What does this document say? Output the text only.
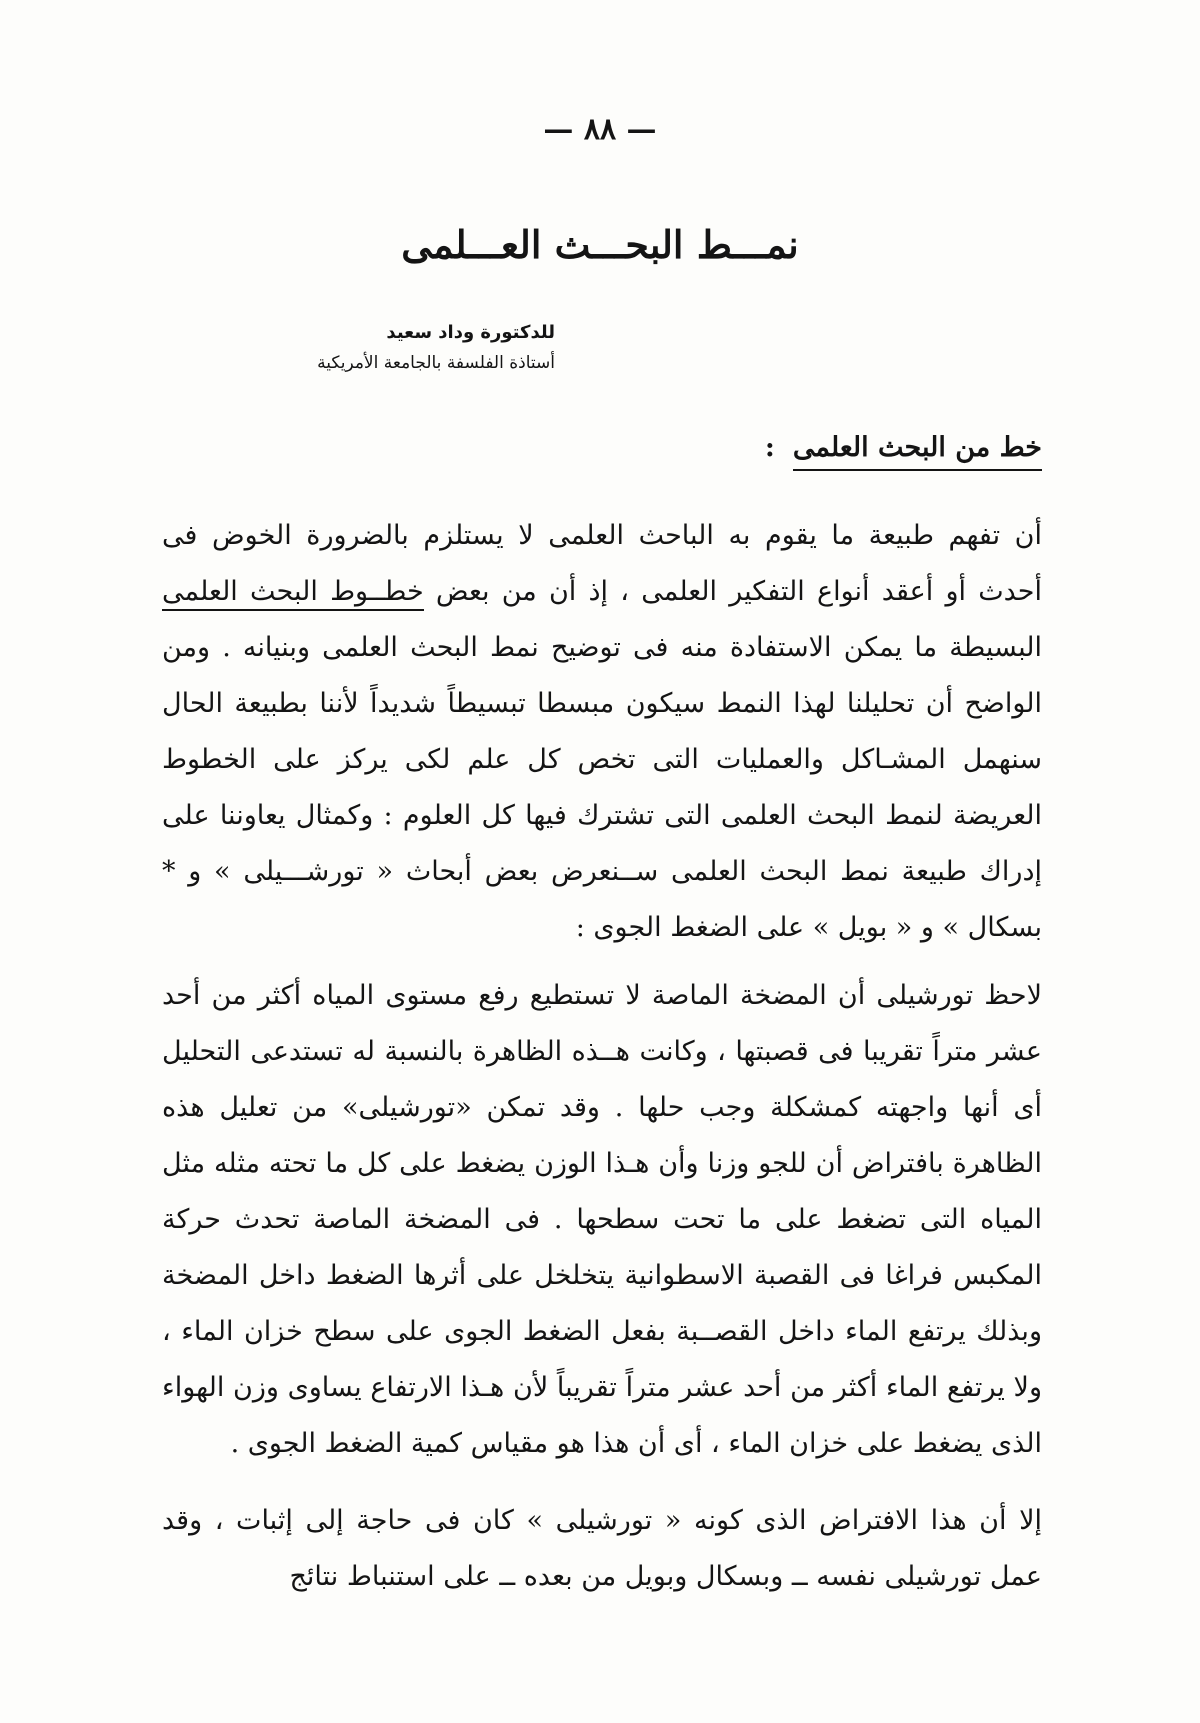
— ٨٨ —
نمـــط البحـــث العـــلمى
للدكتورة وداد سعيد
أستاذة الفلسفة بالجامعة الأمريكية
خط من البحث العلمى:
أن تفهم طبيعة ما يقوم به الباحث العلمى لا يستلزم بالضرورة الخوض فى أحدث أو أعقد أنواع التفكير العلمى ، إذ أن من بعض خطــوط البحث العلمى البسيطة ما يمكن الاستفادة منه فى توضيح نمط البحث العلمى وبنيانه . ومن الواضح أن تحليلنا لهذا النمط سيكون مبسطا تبسيطاً شديداً لأننا بطبيعة الحال سنهمل المشـاكل والعمليات التى تخص كل علم لكى يركز على الخطوط العريضة لنمط البحث العلمى التى تشترك فيها كل العلوم : وكمثال يعاوننا على إدراك طبيعة نمط البحث العلمى ســنعرض بعض أبحاث « تورشـــيلى » و * بسكال » و « بويل » على الضغط الجوى :
لاحظ تورشيلى أن المضخة الماصة لا تستطيع رفع مستوى المياه أكثر من أحد عشر متراً تقريبا فى قصبتها ، وكانت هــذه الظاهرة بالنسبة له تستدعى التحليل أى أنها واجهته كمشكلة وجب حلها . وقد تمكن «تورشيلى» من تعليل هذه الظاهرة بافتراض أن للجو وزنا وأن هـذا الوزن يضغط على كل ما تحته مثله مثل المياه التى تضغط على ما تحت سطحها . فى المضخة الماصة تحدث حركة المكبس فراغا فى القصبة الاسطوانية يتخلخل على أثرها الضغط داخل المضخة وبذلك يرتفع الماء داخل القصــبة بفعل الضغط الجوى على سطح خزان الماء ، ولا يرتفع الماء أكثر من أحد عشر متراً تقريباً لأن هـذا الارتفاع يساوى وزن الهواء الذى يضغط على خزان الماء ، أى أن هذا هو مقياس كمية الضغط الجوى .
إلا أن هذا الافتراض الذى كونه « تورشيلى » كان فى حاجة إلى إثبات ، وقد عمل تورشيلى نفسه ــ وبسكال وبويل من بعده ــ على استنباط نتائج
